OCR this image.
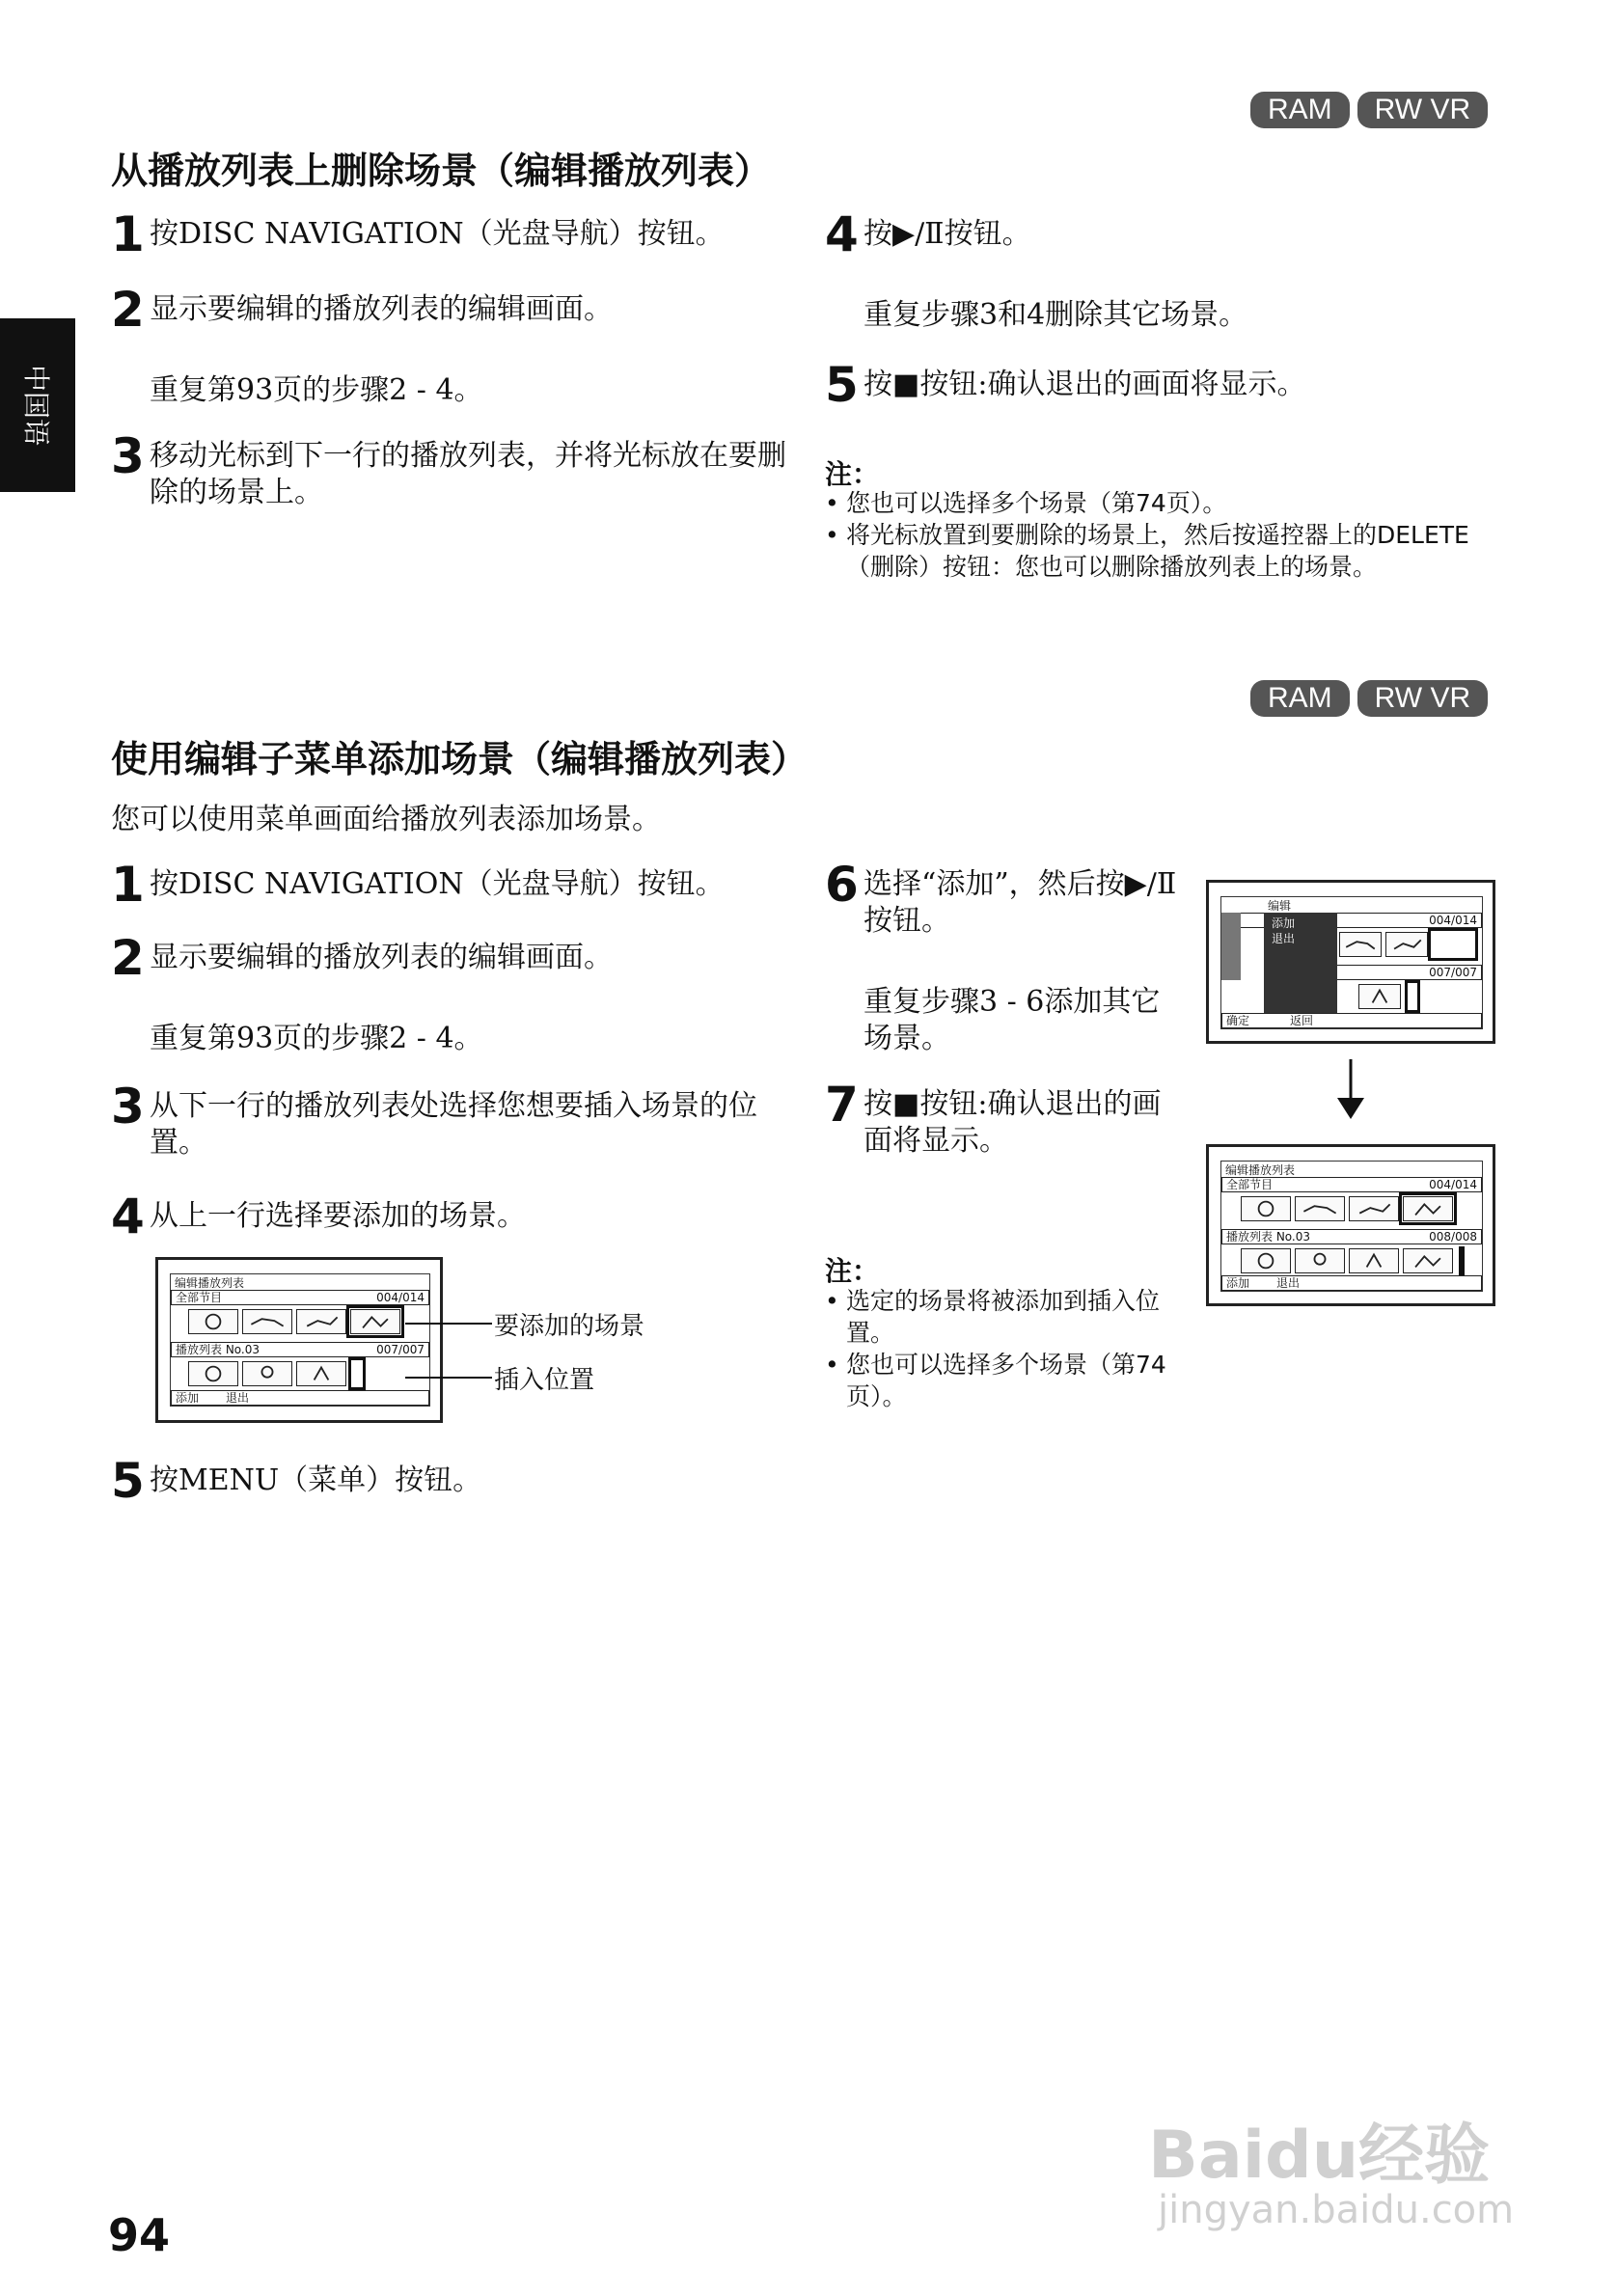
中国语
RAM	RW VR
从播放列表上删除场景（编辑播放列表）
1 按DISC NAVIGATION（光盘导航）按钮。
2 显示要编辑的播放列表的编辑画面。
重复第93页的步骤2 - 4。
3 移动光标到下一行的播放列表，并将光标放在要删除的场景上。
4 按▶/Ⅱ按钮。
重复步骤3和4删除其它场景。
5 按■按钮:确认退出的画面将显示。
注：
• 您也可以选择多个场景（第74页）。
• 将光标放置到要删除的场景上，然后按遥控器上的DELETE（删除）按钮：您也可以删除播放列表上的场景。
RAM	RW VR
使用编辑子菜单添加场景（编辑播放列表）
您可以使用菜单画面给播放列表添加场景。
1 按DISC NAVIGATION（光盘导航）按钮。
2 显示要编辑的播放列表的编辑画面。
重复第93页的步骤2 - 4。
3 从下一行的播放列表处选择您想要插入场景的位置。
4 从上一行选择要添加的场景。
编辑播放列表
全部节目	004/014
播放列表 No.03	007/007
添加 退出
要添加的场景
插入位置
5 按MENU（菜单）按钮。
6 选择“添加”，然后按▶/Ⅱ按钮。
重复步骤3 - 6添加其它场景。
7 按■按钮:确认退出的画面将显示。
注：
• 选定的场景将被添加到插入位置。
• 您也可以选择多个场景（第74页）。
编辑
004/014
007/007
添加
退出
确定	返回
编辑播放列表
全部节目	004/014
播放列表 No.03	008/008
添加 退出
94
Baidu经验
jingyan.baidu.com
